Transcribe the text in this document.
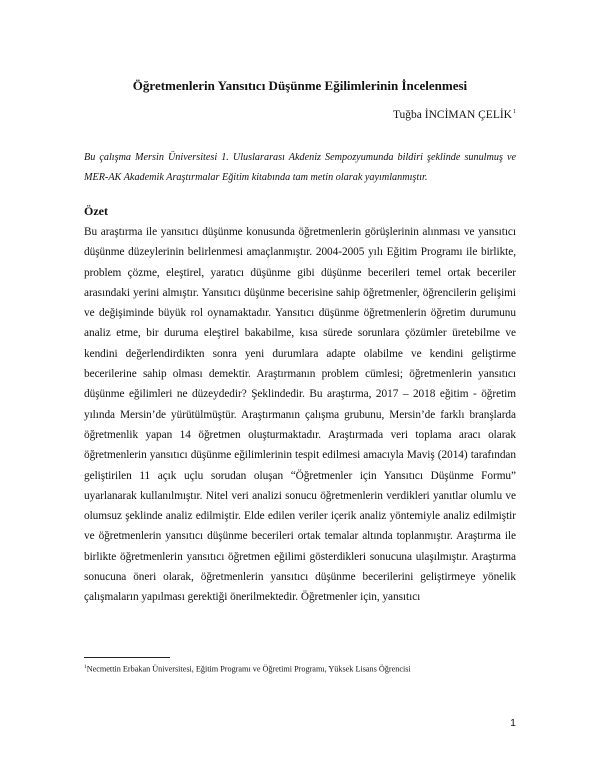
Öğretmenlerin Yansıtıcı Düşünme Eğilimlerinin İncelenmesi
Tuğba İNCİMAN ÇELİK$^1$

Bu çalışma Mersin Üniversitesi 1. Uluslararası Akdeniz Sempozyumunda bildiri şeklinde sunulmuş ve MER-AK Akademik Araştırmalar Eğitim kitabında tam metin olarak yayımlanmıştır.

Özet

Bu araştırma ile yansıtıcı düşünme konusunda öğretmenlerin görüşlerinin alınması ve yansıtıcı düşünme düzeylerinin belirlenmesi amaçlanmıştır. 2004-2005 yılı Eğitim Programı ile birlikte, problem çözme, eleştirel, yaratıcı düşünme gibi düşünme becerileri temel ortak beceriler arasındaki yerini almıştır. Yansıtıcı düşünme becerisine sahip öğretmenler, öğrencilerin gelişimi ve değişiminde büyük rol oynamaktadır. Yansıtıcı düşünme öğretmenlerin öğretim durumunu analiz etme, bir duruma eleştirel bakabilme, kısa sürede sorunlara çözümler üretebilme ve kendini değerlendirdikten sonra yeni durumlara adapte olabilme ve kendini geliştirme becerilerine sahip olması demektir. Araştırmanın problem cümlesi; öğretmenlerin yansıtıcı düşünme eğilimleri ne düzeydedir? Şeklindedir. Bu araştırma, 2017 – 2018 eğitim - öğretim yılında Mersin’de yürütülmüştür. Araştırmanın çalışma grubunu, Mersin’de farklı branşlarda öğretmenlik yapan 14 öğretmen oluşturmaktadır. Araştırmada veri toplama aracı olarak öğretmenlerin yansıtıcı düşünme eğilimlerinin tespit edilmesi amacıyla Maviş (2014) tarafından geliştirilen 11 açık uçlu sorudan oluşan “Öğretmenler için Yansıtıcı Düşünme Formu” uyarlanarak kullanılmıştır. Nitel veri analizi sonucu öğretmenlerin verdikleri yanıtlar olumlu ve olumsuz şeklinde analiz edilmiştir. Elde edilen veriler içerik analiz yöntemiyle analiz edilmiştir ve öğretmenlerin yansıtıcı düşünme becerileri ortak temalar altında toplanmıştır. Araştırma ile birlikte öğretmenlerin yansıtıcı öğretmen eğilimi gösterdikleri sonucuna ulaşılmıştır. Araştırma sonucuna öneri olarak, öğretmenlerin yansıtıcı düşünme becerilerini geliştirmeye yönelik çalışmaların yapılması gerektiği önerilmektedir. Öğretmenler için, yansıtıcı

$^1$Necmettin Erbakan Üniversitesi, Eğitim Programı ve Öğretimi Programı, Yüksek Lisans Öğrencisi

1
